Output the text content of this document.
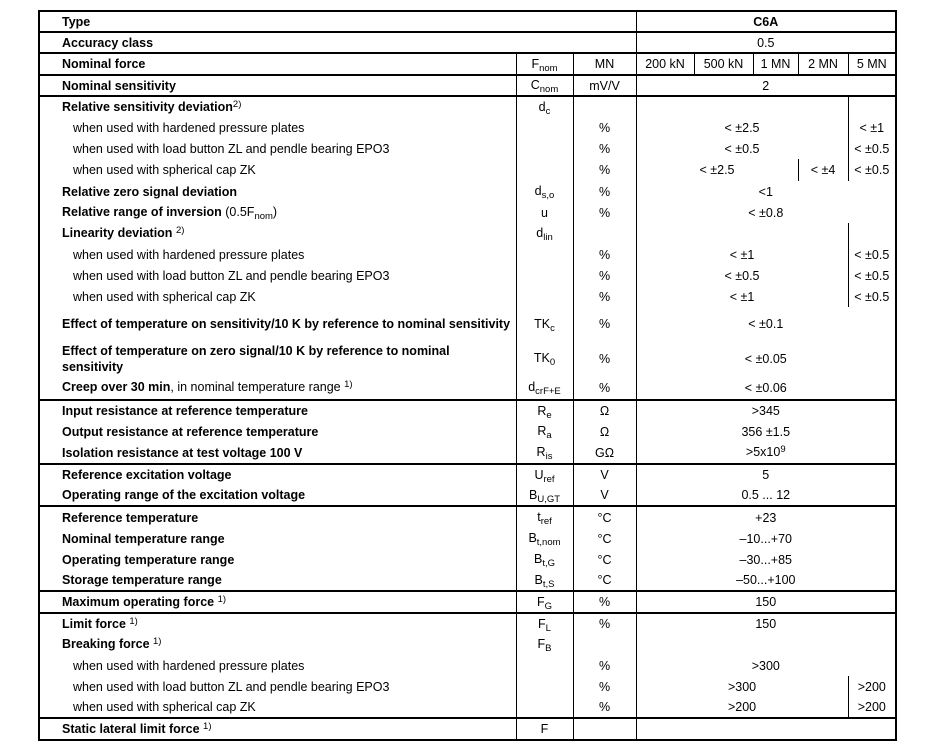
Type			C6A				
Accuracy class			0.5				
Nominal force	$F_{nom}$	MN	200 kN	500 kN	1 MN	2 MN	5 MN
Nominal sensitivity	$C_{nom}$	mV/V	2				
Relative sensitivity deviation$^{2)}$	$d_c$			
when used with hardened pressure plates		%	< ±2.5				< ±1
when used with load button ZL and pendle bearing EPO3		%	< ±0.5				< ±0.5
when used with spherical cap ZK		%	< ±2.5			< ±4	< ±0.5
Relative zero signal deviation	$d_{s,o}$	%	<1				
Relative range of inversion $(0.5F_{nom})$	u	%	< ±0.8				
Linearity deviation $^{2)}$	$d_{lin}$			
when used with hardened pressure plates		%	< ±1				< ±0.5
when used with load button ZL and pendle bearing EPO3		%	< ±0.5				< ±0.5
when used with spherical cap ZK		%	< ±1				< ±0.5
Effect of temperature on sensitivity/10 K by reference to nominal sensitivity	$TK_c$	%	< ±0.1				
Effect of temperature on zero signal/10 K by reference to nominal sensitivity	$TK_0$	%	< ±0.05				
Creep over 30 min, in nominal temperature range $^{1)}$	$d_{crF+E}$	%	< ±0.06				
Input resistance at reference temperature	$R_e$	Ω	>345				
Output resistance at reference temperature	$R_a$	Ω	356 ±1.5				
Isolation resistance at test voltage 100 V	$R_{is}$	GΩ	$>5x10^9$
Reference excitation voltage	$U_{ref}$	V	5				
Operating range of the excitation voltage	$B_{U,GT}$	V	0.5 ... 12				
Reference temperature	$t_{ref}$	°C	+23				
Nominal temperature range	$B_{t,nom}$	°C	–10...+70				
Operating temperature range	$B_{t,G}$	°C	–30...+85				
Storage temperature range	$B_{t,S}$	°C	–50...+100				
Maximum operating force $^{1)}$	$F_G$	%	150				
Limit force $^{1)}$	$F_L$	%	150				
Breaking force $^{1)}$	$F_B$		
when used with hardened pressure plates		%	>300				
when used with load button ZL and pendle bearing EPO3		%	>300				>200
when used with spherical cap ZK		%	>200				>200
Static lateral limit force $^{1)}$	F						
